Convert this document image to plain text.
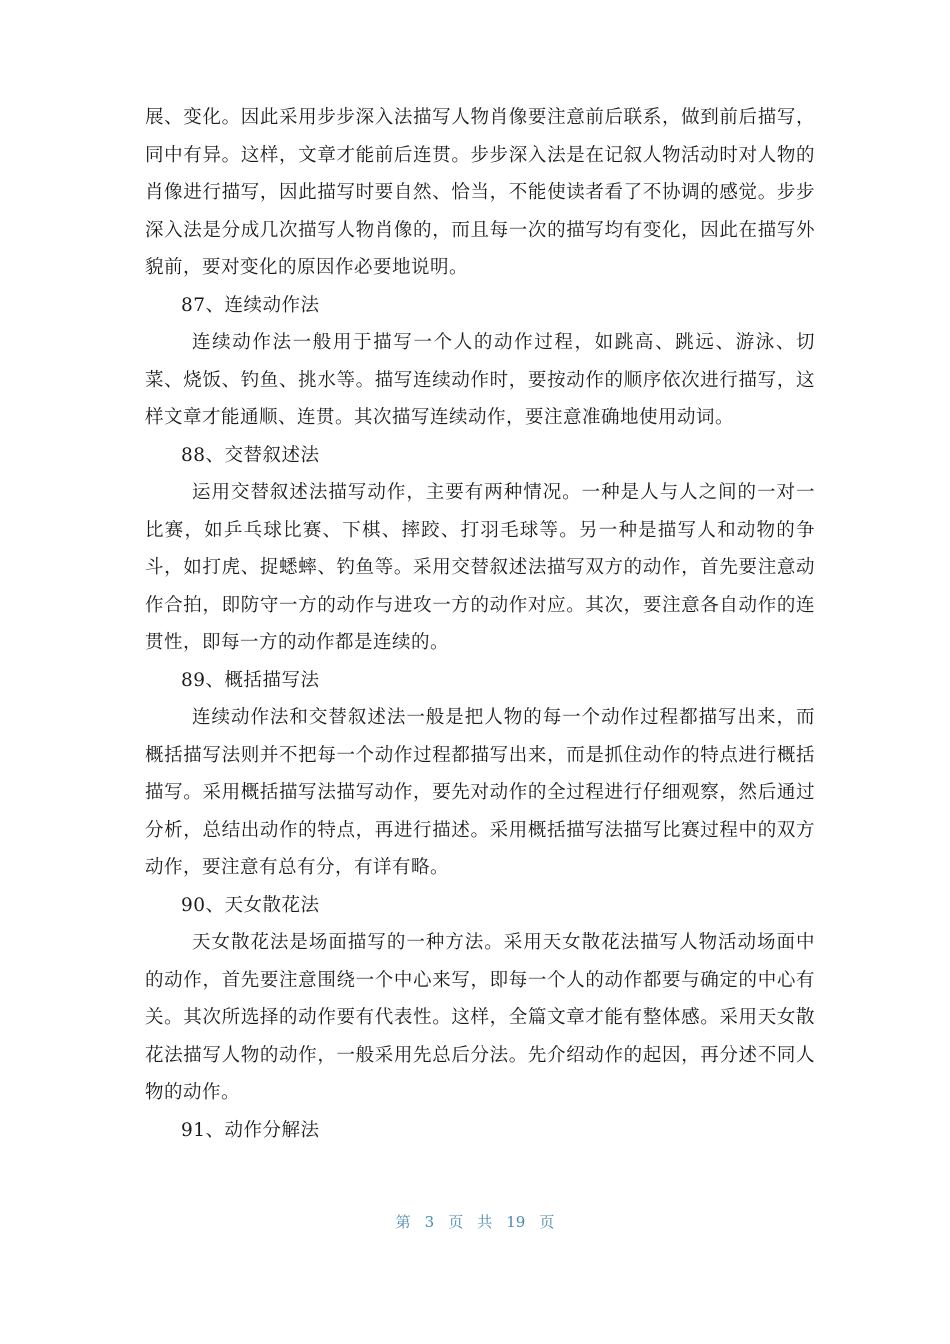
展、变化。因此采用步步深入法描写人物肖像要注意前后联系，做到前后描写，同中有异。这样，文章才能前后连贯。步步深入法是在记叙人物活动时对人物的肖像进行描写，因此描写时要自然、恰当，不能使读者看了不协调的感觉。步步深入法是分成几次描写人物肖像的，而且每一次的描写均有变化，因此在描写外貌前，要对变化的原因作必要地说明。

87、连续动作法

连续动作法一般用于描写一个人的动作过程，如跳高、跳远、游泳、切菜、烧饭、钓鱼、挑水等。描写连续动作时，要按动作的顺序依次进行描写，这样文章才能通顺、连贯。其次描写连续动作，要注意准确地使用动词。

88、交替叙述法

运用交替叙述法描写动作，主要有两种情况。一种是人与人之间的一对一比赛，如乒乓球比赛、下棋、摔跤、打羽毛球等。另一种是描写人和动物的争斗，如打虎、捉蟋蟀、钓鱼等。采用交替叙述法描写双方的动作，首先要注意动作合拍，即防守一方的动作与进攻一方的动作对应。其次，要注意各自动作的连贯性，即每一方的动作都是连续的。

89、概括描写法

连续动作法和交替叙述法一般是把人物的每一个动作过程都描写出来，而概括描写法则并不把每一个动作过程都描写出来，而是抓住动作的特点进行概括描写。采用概括描写法描写动作，要先对动作的全过程进行仔细观察，然后通过分析，总结出动作的特点，再进行描述。采用概括描写法描写比赛过程中的双方动作，要注意有总有分，有详有略。

90、天女散花法

天女散花法是场面描写的一种方法。采用天女散花法描写人物活动场面中的动作，首先要注意围绕一个中心来写，即每一个人的动作都要与确定的中心有关。其次所选择的动作要有代表性。这样，全篇文章才能有整体感。采用天女散花法描写人物的动作，一般采用先总后分法。先介绍动作的起因，再分述不同人物的动作。

91、动作分解法

第 3 页 共 19 页
